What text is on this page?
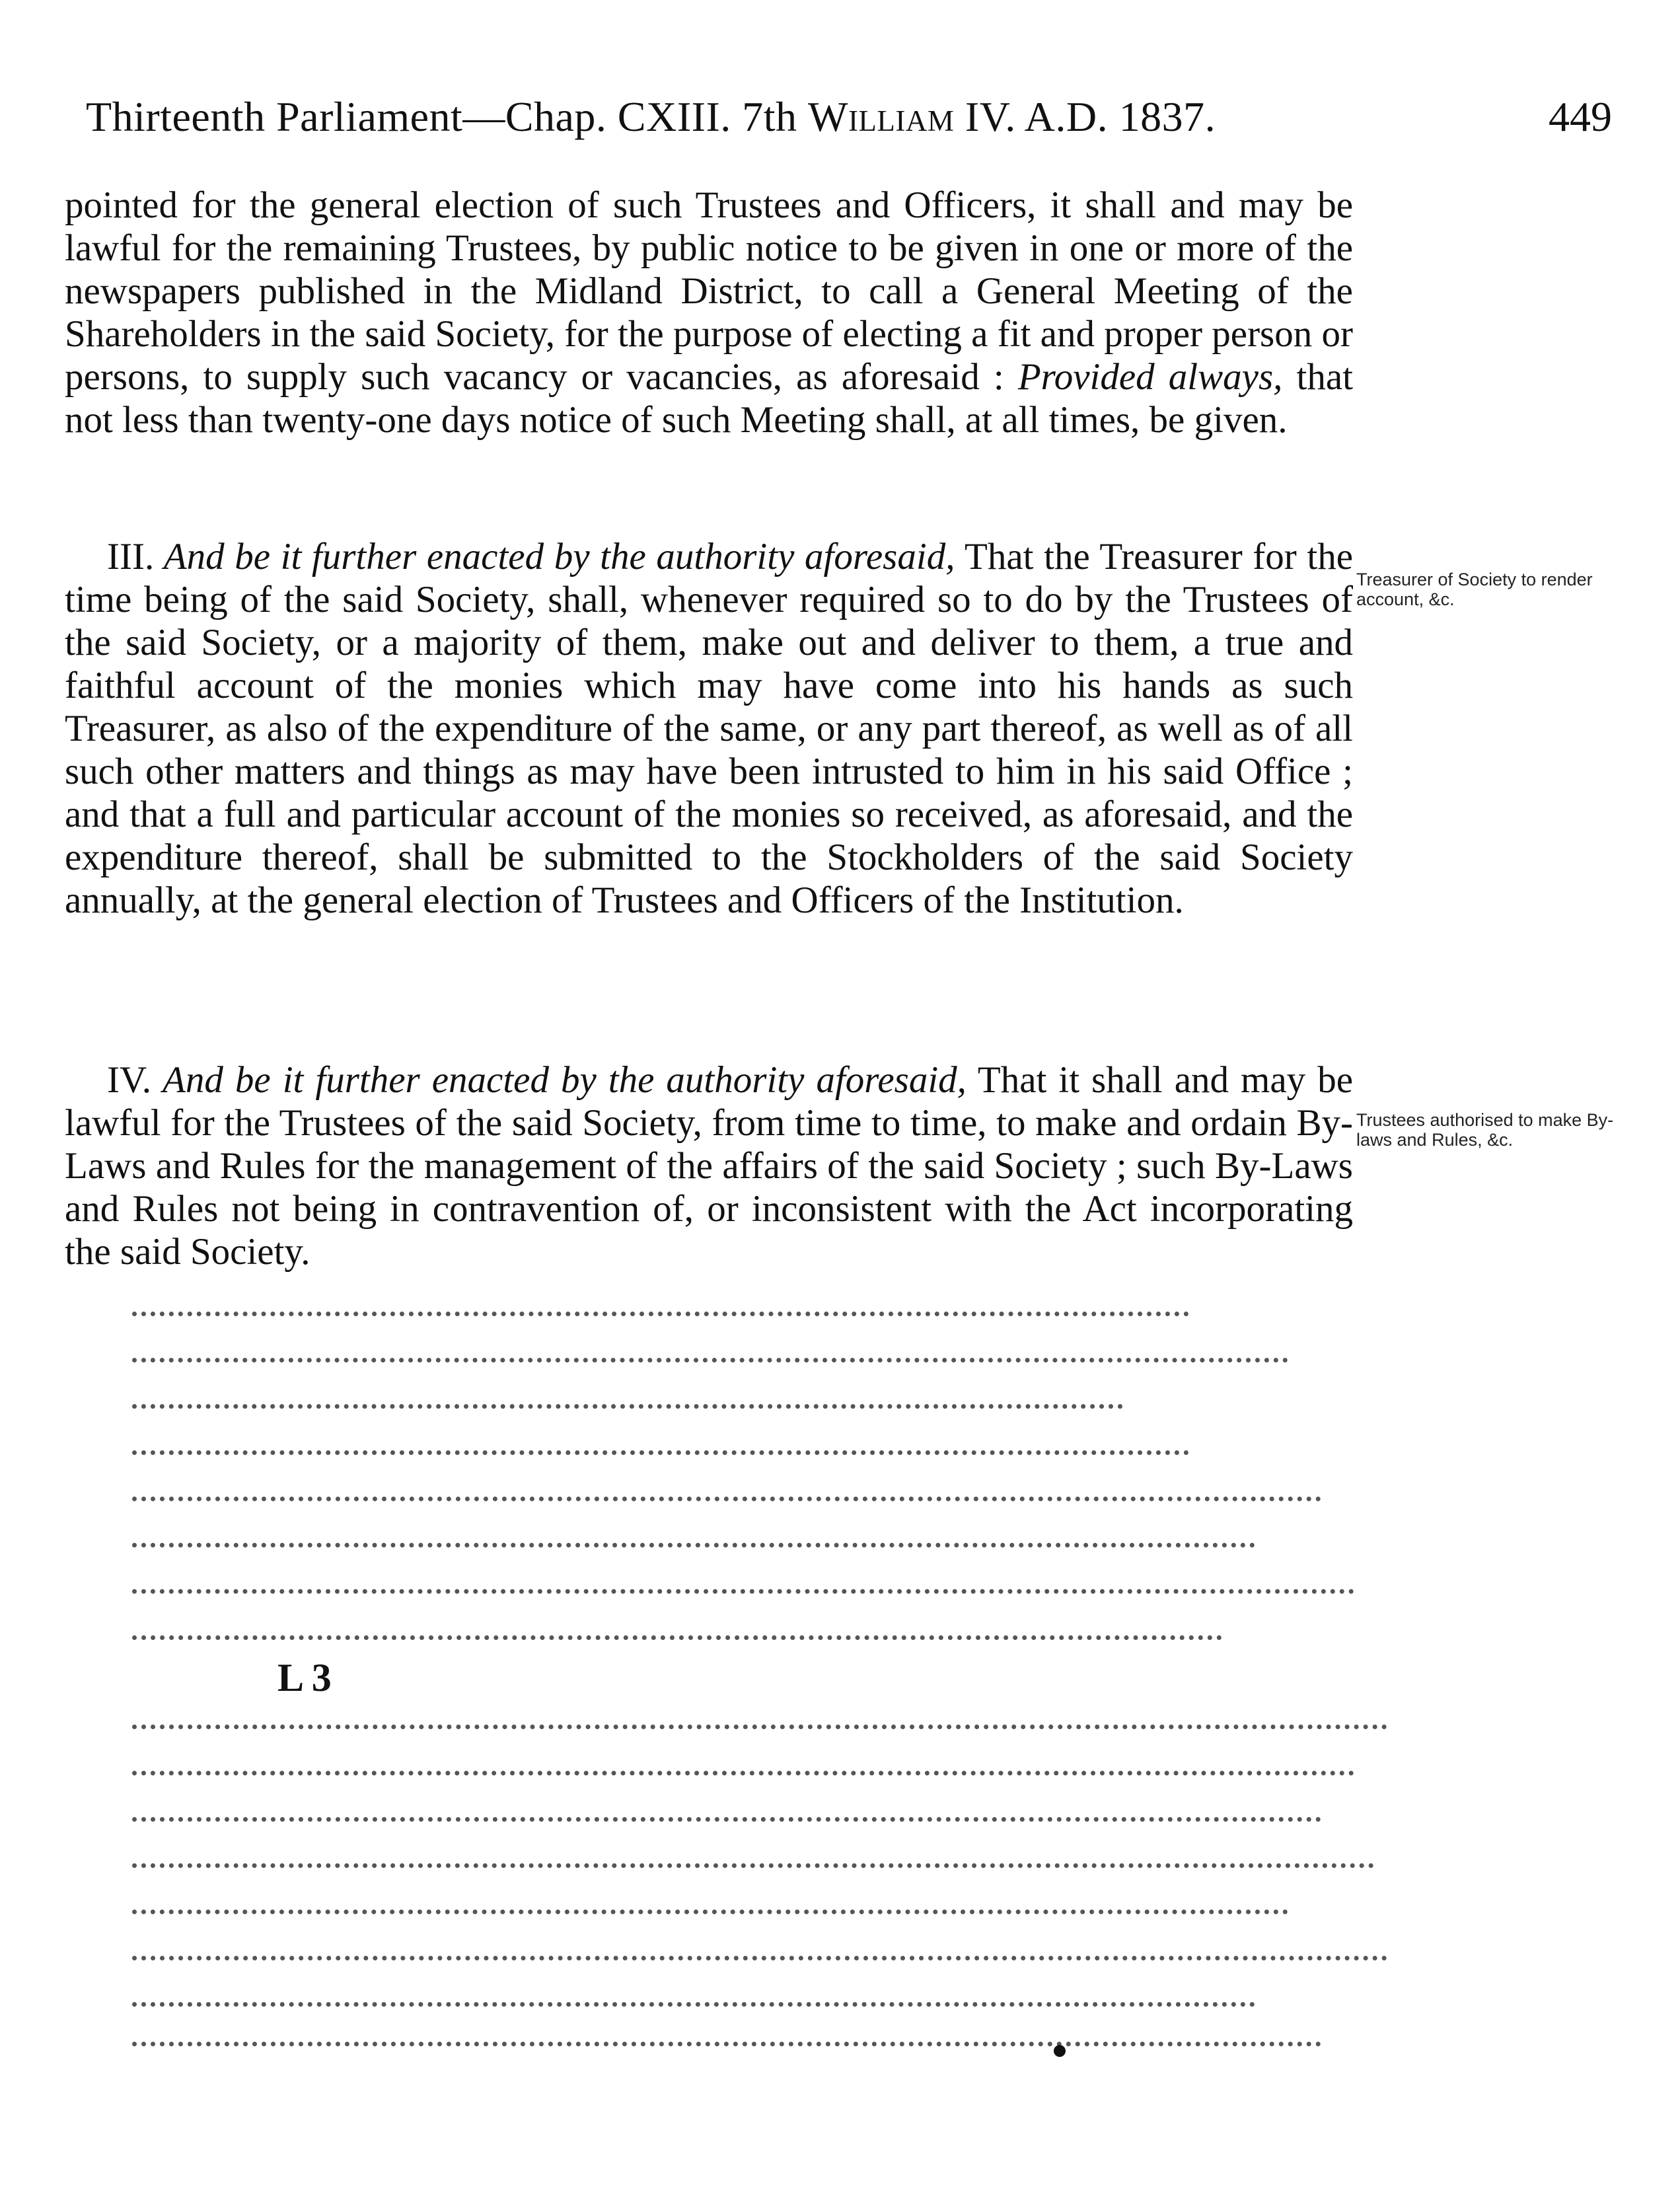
Thirteenth Parliament—Chap. CXIII. 7th William IV. A.D. 1837.	449

pointed for the general election of such Trustees and Officers, it shall and may be lawful for the remaining Trustees, by public notice to be given in one or more of the newspapers published in the Midland District, to call a General Meeting of the Shareholders in the said Society, for the purpose of electing a fit and proper person or persons, to supply such vacancy or vacancies, as aforesaid : Provided always, that not less than twenty-one days notice of such Meeting shall, at all times, be given.

III. And be it further enacted by the authority aforesaid, That the Treasurer for the time being of the said Society, shall, whenever required so to do by the Trustees of the said Society, or a majority of them, make out and deliver to them, a true and faithful account of the monies which may have come into his hands as such Treasurer, as also of the expenditure of the same, or any part thereof, as well as of all such other matters and things as may have been intrusted to him in his said Office ; and that a full and particular account of the monies so received, as aforesaid, and the expenditure thereof, shall be submitted to the Stockholders of the said Society annually, at the general election of Trustees and Officers of the Institution.

Treasurer of Society to render account, &c.

IV. And be it further enacted by the authority aforesaid, That it shall and may be lawful for the Trustees of the said Society, from time to time, to make and ordain By-Laws and Rules for the management of the affairs of the said Society ; such By-Laws and Rules not being in contravention of, or inconsistent with the Act incorporating the said Society.

Trustees authorised to make By-laws and Rules, &c.
L 3
